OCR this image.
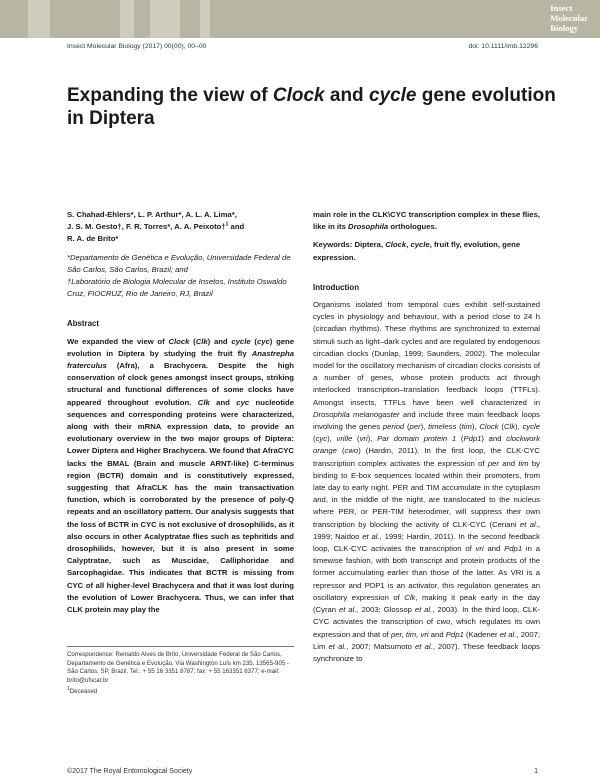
Insect
Molecular
Biology
Insect Molecular Biology (2017) 00(00), 00–00	doi: 10.1111/imb.12296
Expanding the view of Clock and cycle gene evolution in Diptera
S. Chahad-Ehlers*, L. P. Arthur*, A. L. A. Lima*,
J. S. M. Gesto†, F. R. Torres*, A. A. Peixoto†$^1$ and
R. A. de Brito*
*Departamento de Genética e Evolução, Universidade Federal de São Carlos, São Carlos, Brazil; and
†Laboratório de Biologia Molecular de Insetos, Instituto Oswaldo Cruz, FIOCRUZ, Rio de Janeiro, RJ, Brazil
Abstract
We expanded the view of Clock (Clk) and cycle (cyc) gene evolution in Diptera by studying the fruit fly Anastrepha fraterculus (Afra), a Brachycera. Despite the high conservation of clock genes amongst insect groups, striking structural and functional differences of some clocks have appeared throughout evolution. Clk and cyc nucleotide sequences and corresponding proteins were characterized, along with their mRNA expression data, to provide an evolutionary overview in the two major groups of Diptera: Lower Diptera and Higher Brachycera. We found that AfraCYC lacks the BMAL (Brain and muscle ARNT-like) C-terminus region (BCTR) domain and is constitutively expressed, suggesting that AfraCLK has the main transactivation function, which is corroborated by the presence of poly-Q repeats and an oscillatory pattern. Our analysis suggests that the loss of BCTR in CYC is not exclusive of drosophilids, as it also occurs in other Acalyptratae flies such as tephritids and drosophilids, however, but it is also present in some Calyptratae, such as Muscidae, Calliphoridae and Sarcophagidae. This indicates that BCTR is missing from CYC of all higher-level Brachycera and that it was lost during the evolution of Lower Brachycera. Thus, we can infer that CLK protein may play the
Correspondence: Reinaldo Alves de Brito, Universidade Federal de São Carlos, Departamento de Genética e Evolução, Via Washington Luís km 235, 13565-905 - São Carlos, SP, Brazil. Tel.: + 55 16 3351 8787; fax: + 55 163351 8377; e-mail: brito@ufscar.br
$^1$Deceased
main role in the CLK\CYC transcription complex in these flies, like in its Drosophila orthologues.
Keywords: Diptera, Clock, cycle, fruit fly, evolution, gene expression.
Introduction
Organisms isolated from temporal cues exhibit self-sustained cycles in physiology and behaviour, with a period close to 24 h (circadian rhythms). These rhythms are synchronized to external stimuli such as light–dark cycles and are regulated by endogenous circadian clocks (Dunlap, 1999; Saunders, 2002). The molecular model for the oscillatory mechanism of circadian clocks consists of a number of genes, whose protein products act through interlocked transcription–translation feedback loops (TTFLs). Amongst insects, TTFLs have been well characterized in Drosophila melanogaster and include three main feedback loops involving the genes period (per), timeless (tim), Clock (Clk), cycle (cyc), vrille (vri), Par domain protein 1 (Pdp1) and clockwork orange (cwo) (Hardin, 2011). In the first loop, the CLK-CYC transcription complex activates the expression of per and tim by binding to E-box sequences located within their promoters, from late day to early night. PER and TIM accumulate in the cytoplasm and, in the middle of the night, are translocated to the nucleus where PER, or PER-TIM heterodimer, will suppress their own transcription by blocking the activity of CLK-CYC (Ceriani et al., 1999; Naidoo et al., 1999; Hardin, 2011). In the second feedback loop, CLK-CYC activates the transcription of vri and Pdp1 in a timewise fashion, with both transcript and protein products of the former accumulating earlier than those of the latter. As VRI is a repressor and PDP1 is an activator, this regulation generates an oscillatory expression of Clk, making it peak early in the day (Cyran et al., 2003; Glossop et al., 2003). In the third loop, CLK-CYC activates the transcription of cwo, which regulates its own expression and that of per, tim, vri and Pdp1 (Kadener et al., 2007; Lim et al., 2007; Matsumoto et al., 2007). These feedback loops synchronize to
©2017 The Royal Entomological Society	1
